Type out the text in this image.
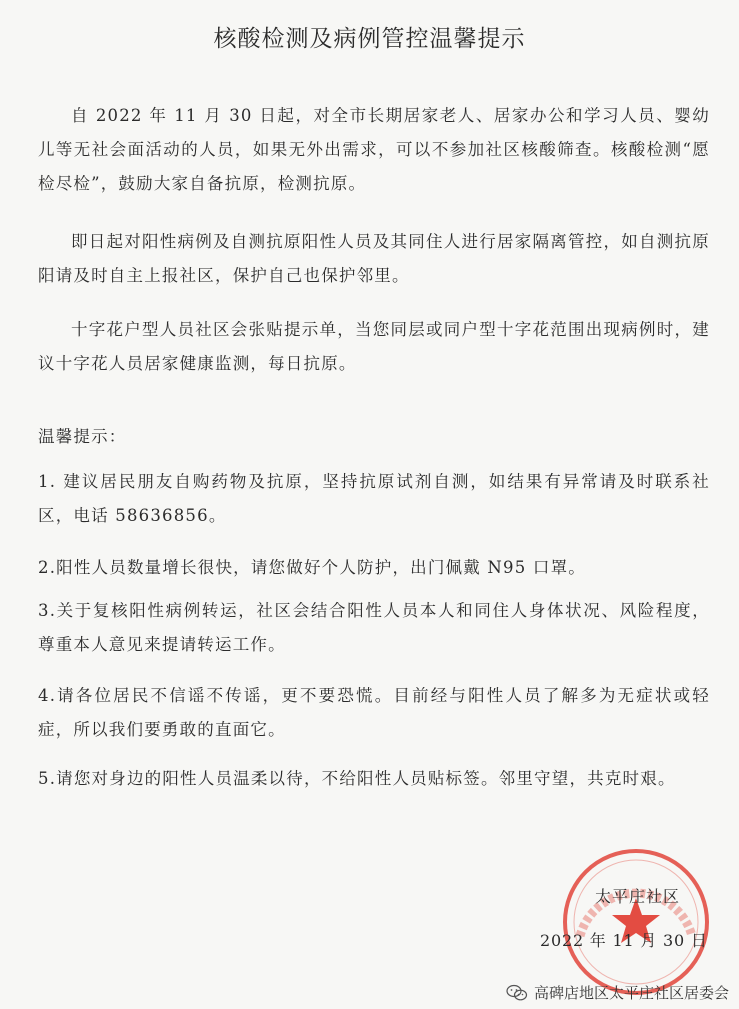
核酸检测及病例管控温馨提示

自 2022 年 11 月 30 日起，对全市长期居家老人、居家办公和学习人员、婴幼儿等无社会面活动的人员，如果无外出需求，可以不参加社区核酸筛查。核酸检测“愿检尽检”，鼓励大家自备抗原，检测抗原。

即日起对阳性病例及自测抗原阳性人员及其同住人进行居家隔离管控，如自测抗原阳请及时自主上报社区，保护自己也保护邻里。

十字花户型人员社区会张贴提示单，当您同层或同户型十字花范围出现病例时，建议十字花人员居家健康监测，每日抗原。

温馨提示：

1. 建议居民朋友自购药物及抗原，坚持抗原试剂自测，如结果有异常请及时联系社区，电话 58636856。

2.阳性人员数量增长很快，请您做好个人防护，出门佩戴 N95 口罩。

3.关于复核阳性病例转运，社区会结合阳性人员本人和同住人身体状况、风险程度，尊重本人意见来提请转运工作。

4.请各位居民不信谣不传谣，更不要恐慌。目前经与阳性人员了解多为无症状或轻症，所以我们要勇敢的直面它。

5.请您对身边的阳性人员温柔以待，不给阳性人员贴标签。邻里守望，共克时艰。

太平庄社区
2022 年 11 月 30 日
高碑店地区太平庄社区居委会
